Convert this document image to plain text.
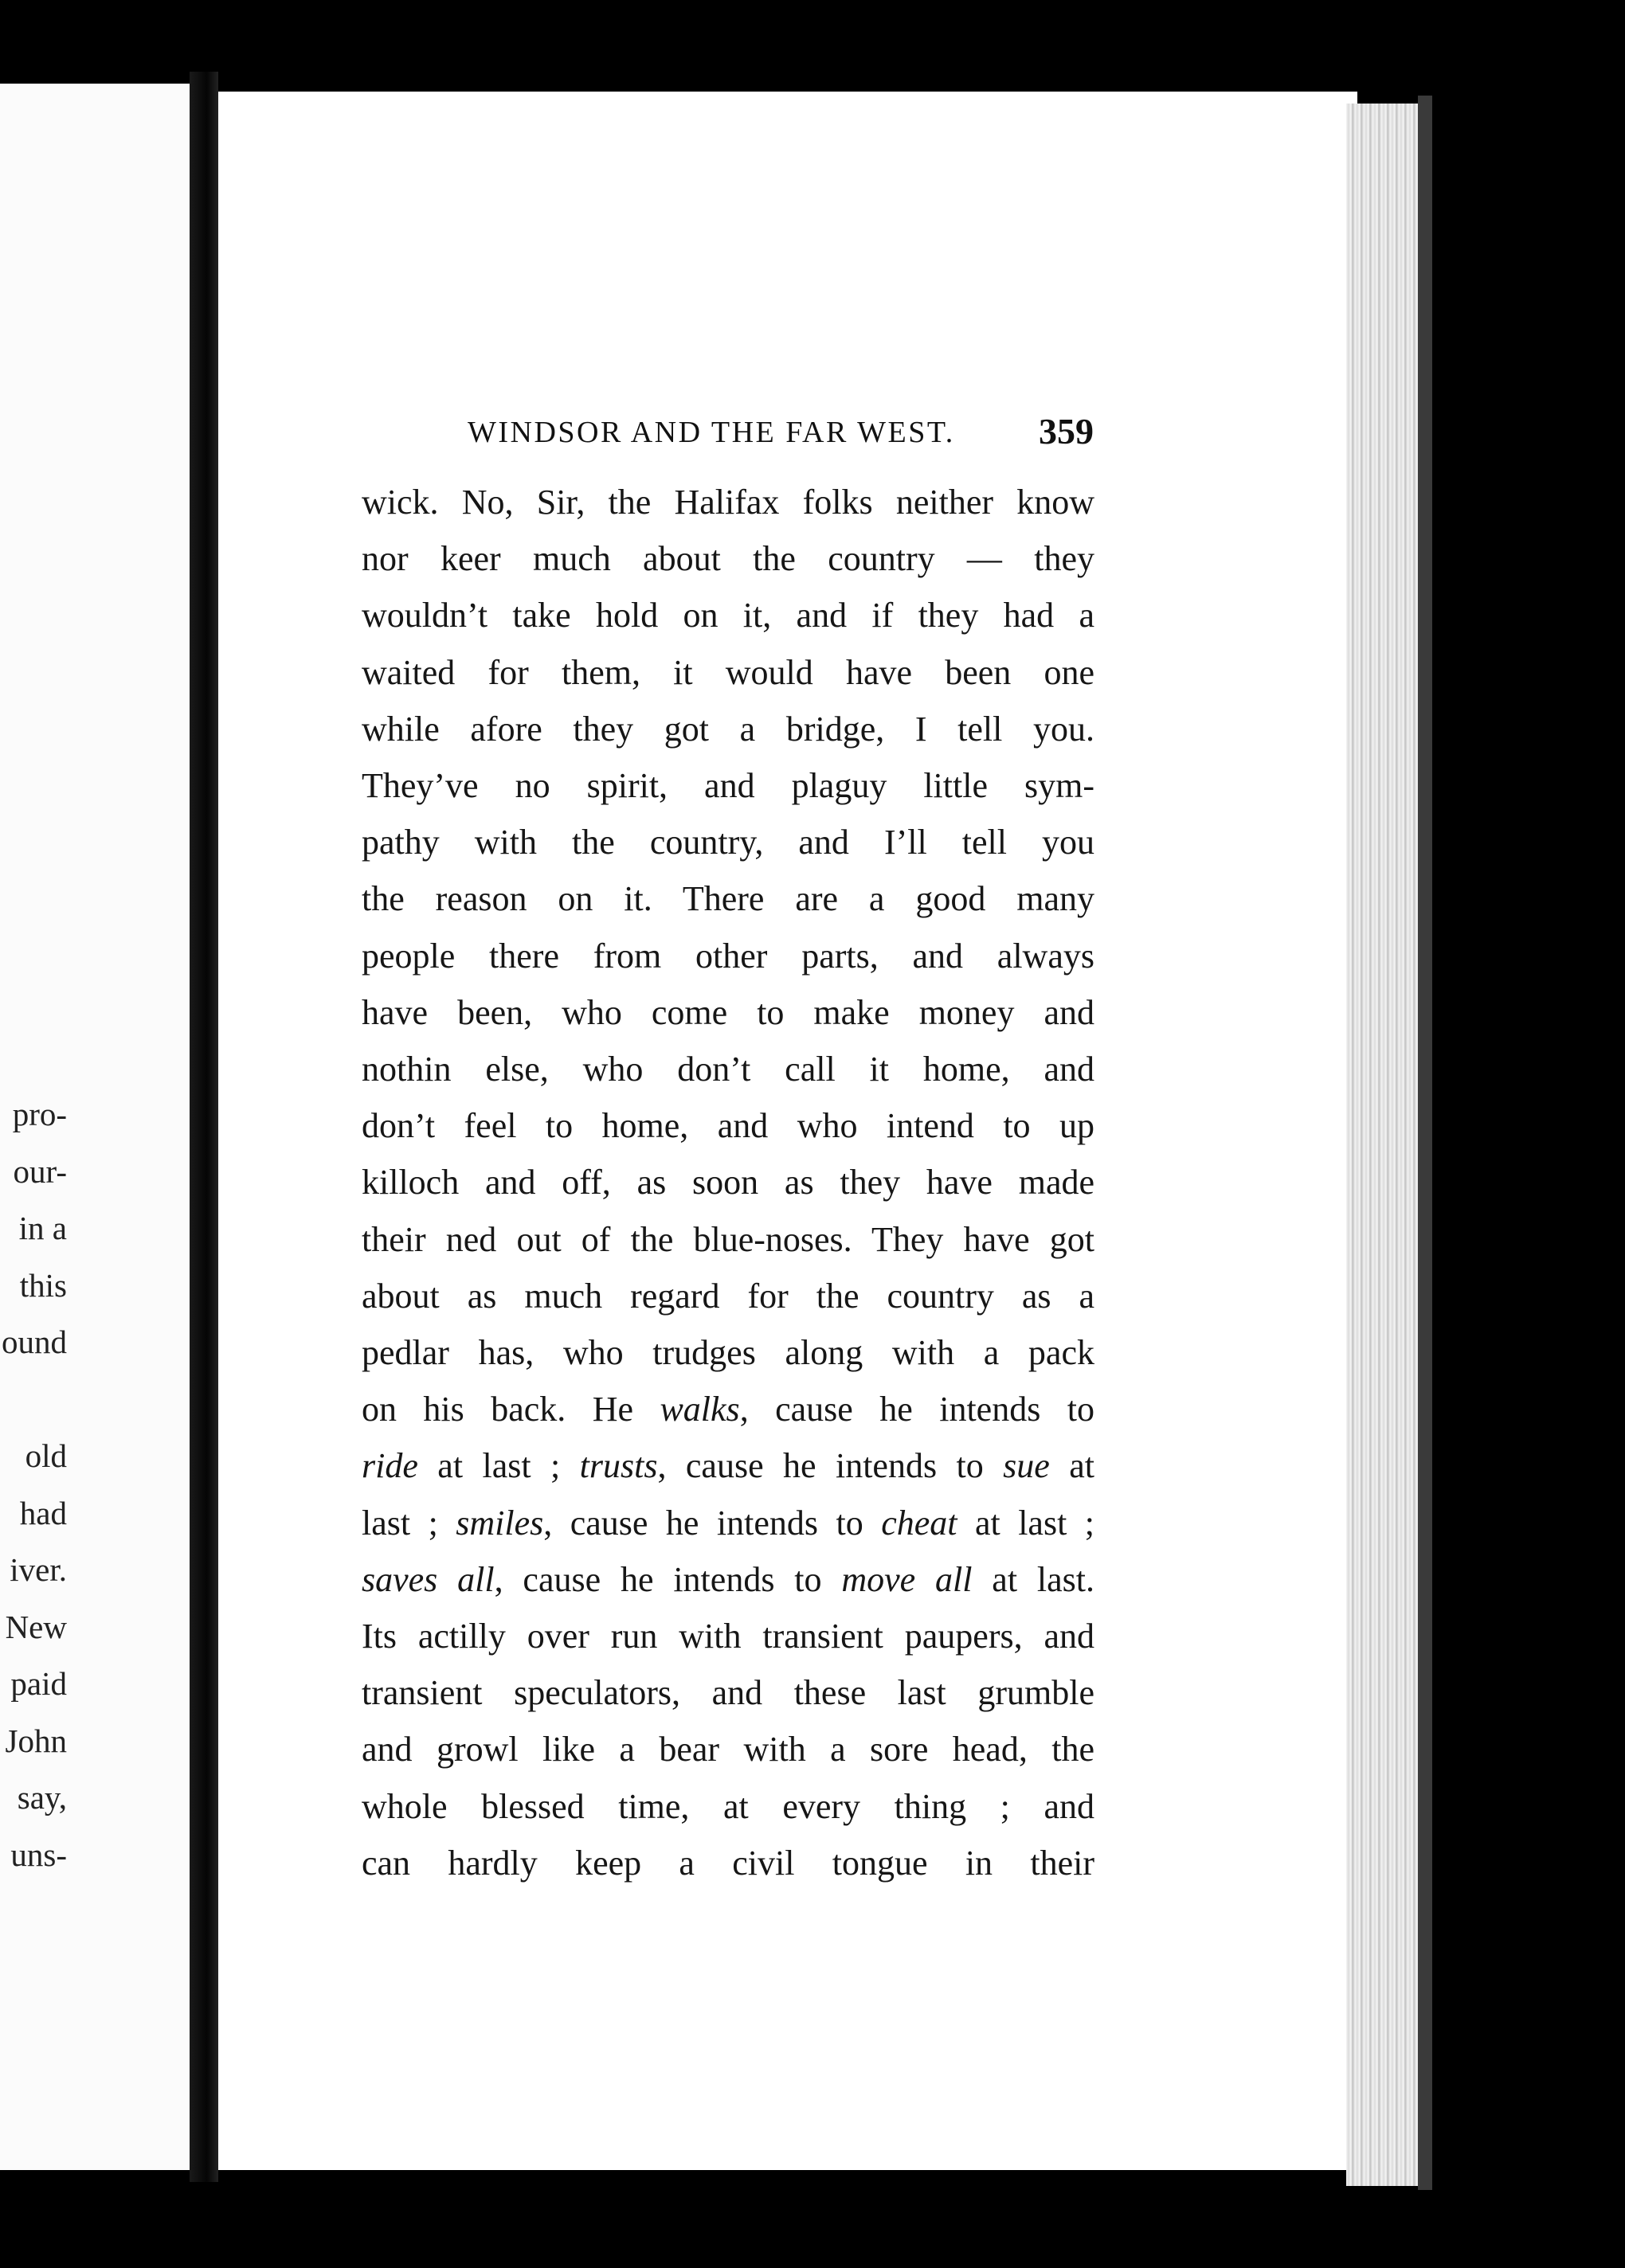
pro-
our-
in a
this
ound
old
had
iver.
New
paid
John
say,
uns-
WINDSOR AND THE FAR WEST. 359
wick. No, Sir, the Halifax folks neither know
nor keer much about the country — they
wouldn’t take hold on it, and if they had a
waited for them, it would have been one
while afore they got a bridge, I tell you.
They’ve no spirit, and plaguy little sym-
pathy with the country, and I’ll tell you
the reason on it. There are a good many
people there from other parts, and always
have been, who come to make money and
nothin else, who don’t call it home, and
don’t feel to home, and who intend to up
killoch and off, as soon as they have made
their ned out of the blue-noses. They have got
about as much regard for the country as a
pedlar has, who trudges along with a pack
on his back. He walks, cause he intends to
ride at last ; trusts, cause he intends to sue at
last ; smiles, cause he intends to cheat at last ;
saves all, cause he intends to move all at last.
Its actilly over run with transient paupers, and
transient speculators, and these last grumble
and growl like a bear with a sore head, the
whole blessed time, at every thing ; and
can hardly keep a civil tongue in their
